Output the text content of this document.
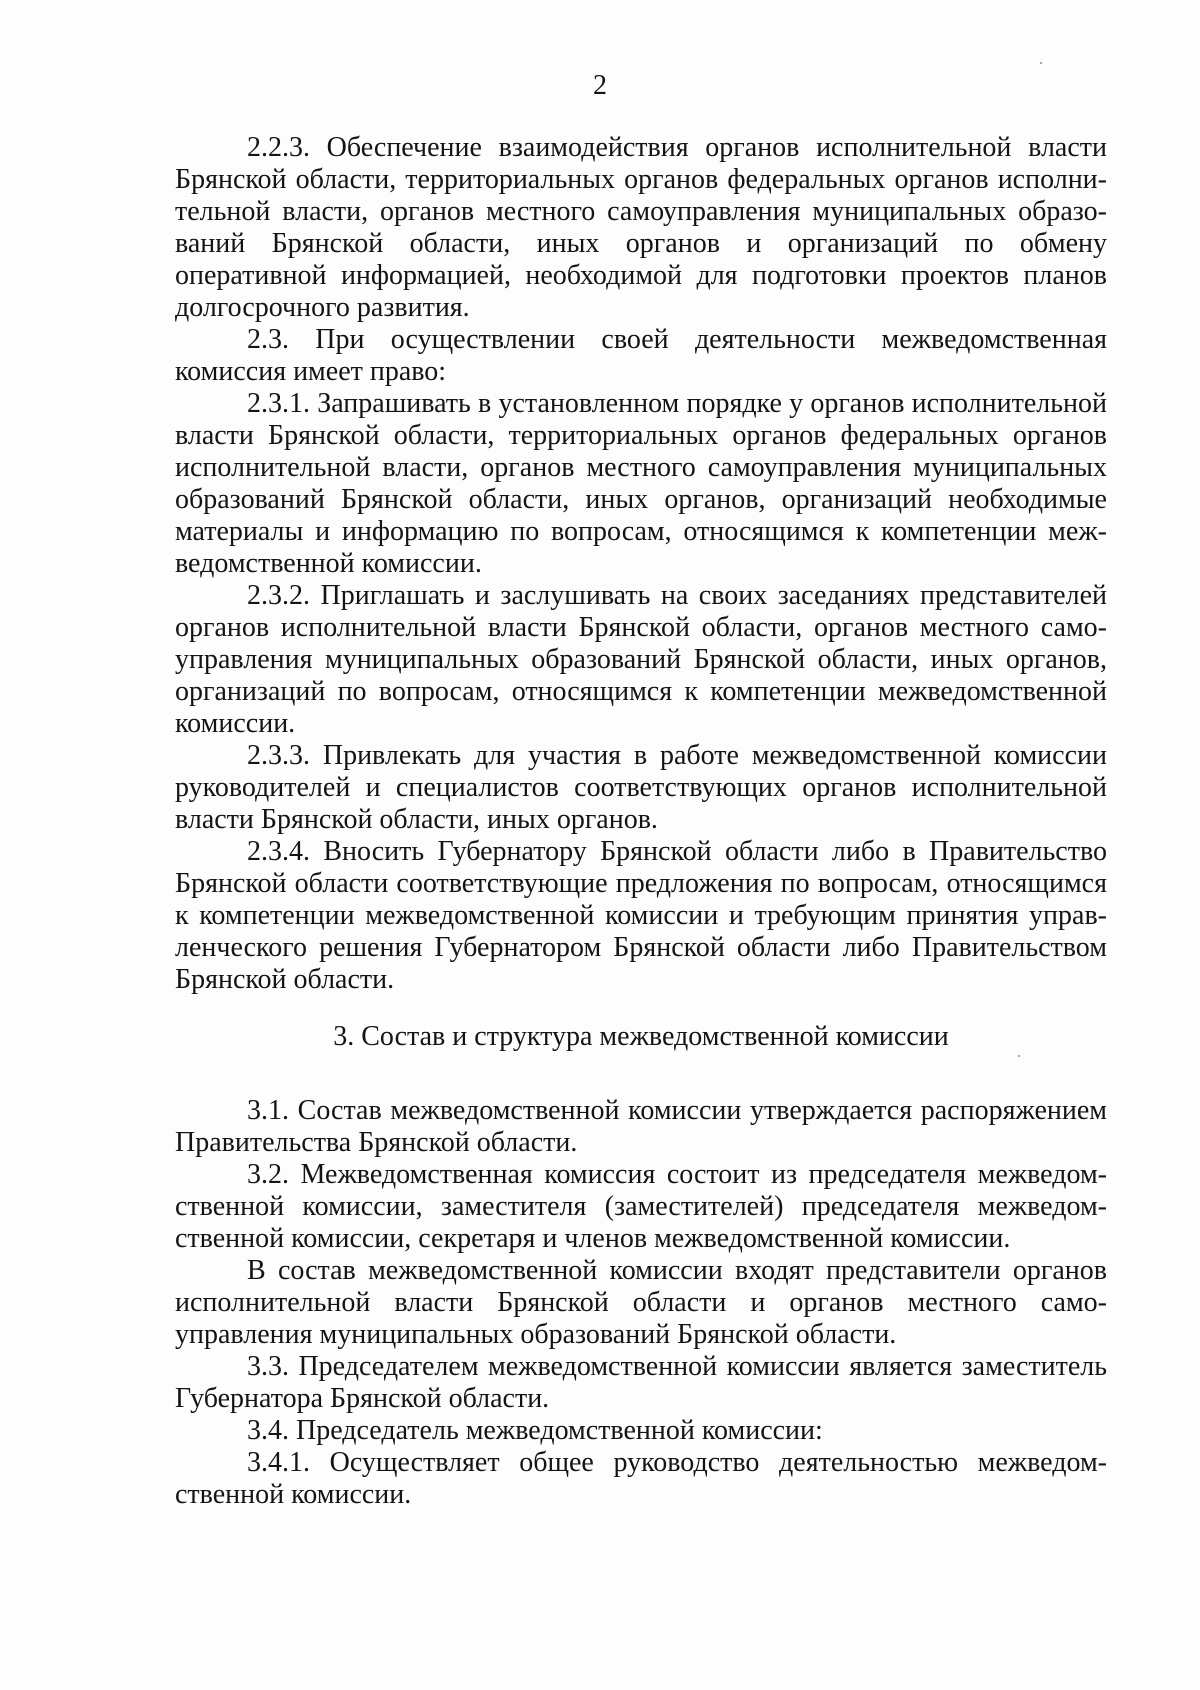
2

2.2.3. Обеспечение взаимодействия органов исполнительной власти
Брянской области, территориальных органов федеральных органов исполни-
тельной власти, органов местного самоуправления муниципальных образо-
ваний Брянской области, иных органов и организаций по обмену
оперативной информацией, необходимой для подготовки проектов планов
долгосрочного развития.

2.3. При осуществлении своей деятельности межведомственная
комиссия имеет право:

2.3.1. Запрашивать в установленном порядке у органов исполнительной
власти Брянской области, территориальных органов федеральных органов
исполнительной власти, органов местного самоуправления муниципальных
образований Брянской области, иных органов, организаций необходимые
материалы и информацию по вопросам, относящимся к компетенции меж-
ведомственной комиссии.

2.3.2. Приглашать и заслушивать на своих заседаниях представителей
органов исполнительной власти Брянской области, органов местного само-
управления муниципальных образований Брянской области, иных органов,
организаций по вопросам, относящимся к компетенции межведомственной
комиссии.

2.3.3. Привлекать для участия в работе межведомственной комиссии
руководителей и специалистов соответствующих органов исполнительной
власти Брянской области, иных органов.

2.3.4. Вносить Губернатору Брянской области либо в Правительство
Брянской области соответствующие предложения по вопросам, относящимся
к компетенции межведомственной комиссии и требующим принятия управ-
ленческого решения Губернатором Брянской области либо Правительством
Брянской области.

3. Состав и структура межведомственной комиссии

3.1. Состав межведомственной комиссии утверждается распоряжением
Правительства Брянской области.

3.2. Межведомственная комиссия состоит из председателя межведом-
ственной комиссии, заместителя (заместителей) председателя межведом-
ственной комиссии, секретаря и членов межведомственной комиссии.

В состав межведомственной комиссии входят представители органов
исполнительной власти Брянской области и органов местного само-
управления муниципальных образований Брянской области.

3.3. Председателем межведомственной комиссии является заместитель
Губернатора Брянской области.

3.4. Председатель межведомственной комиссии:

3.4.1. Осуществляет общее руководство деятельностью межведом-
ственной комиссии.
